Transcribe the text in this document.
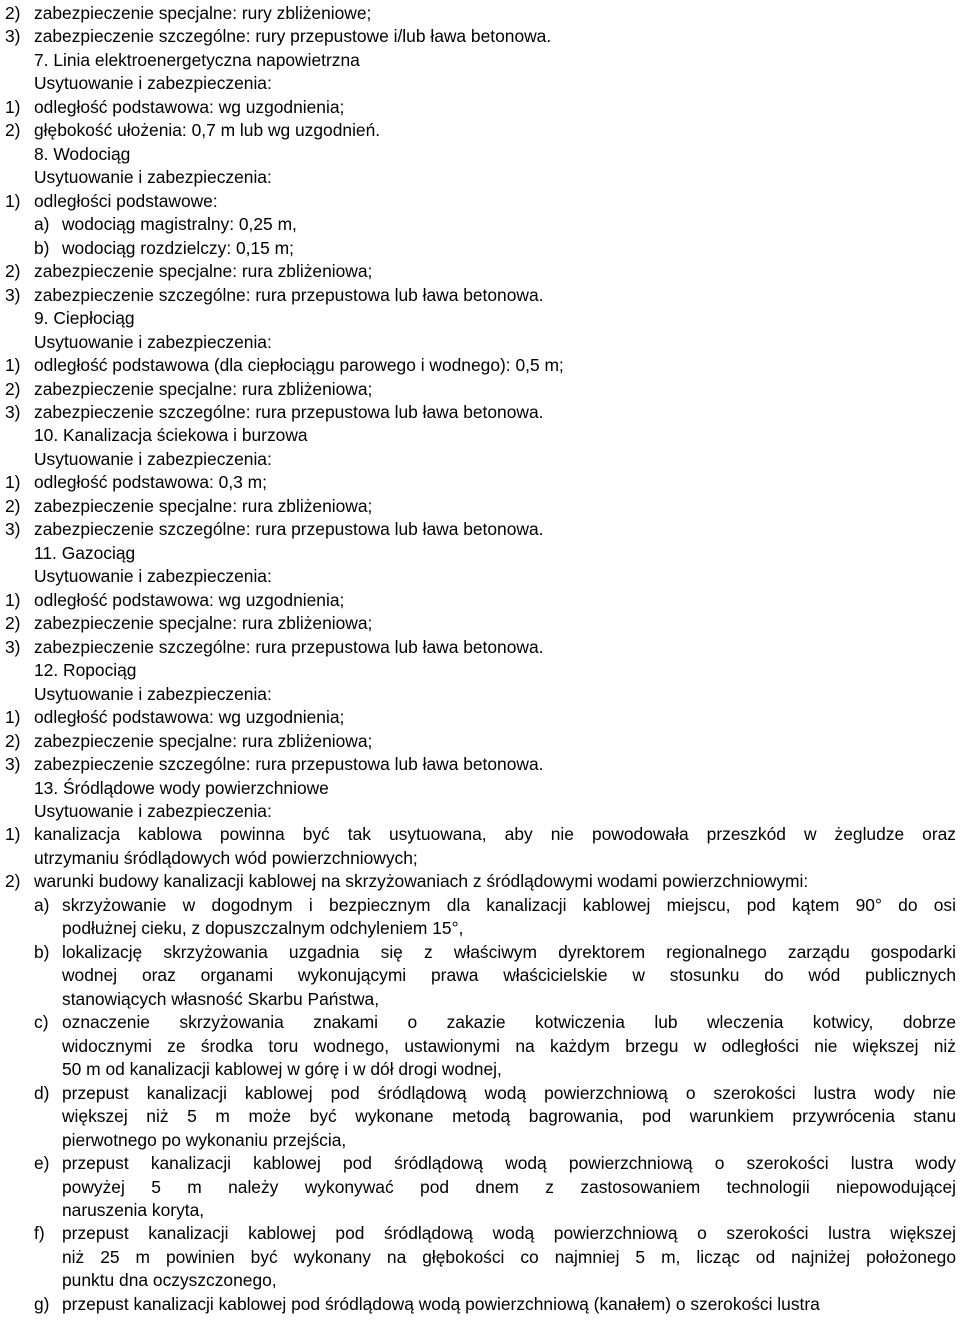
2) zabezpieczenie specjalne: rury zbliżeniowe;
3) zabezpieczenie szczególne: rury przepustowe i/lub ława betonowa.
7. Linia elektroenergetyczna napowietrzna
Usytuowanie i zabezpieczenia:
1) odległość podstawowa: wg uzgodnienia;
2) głębokość ułożenia: 0,7 m lub wg uzgodnień.
8. Wodociąg
Usytuowanie i zabezpieczenia:
1) odległości podstawowe:
a) wodociąg magistralny: 0,25 m,
b) wodociąg rozdzielczy: 0,15 m;
2) zabezpieczenie specjalne: rura zbliżeniowa;
3) zabezpieczenie szczególne: rura przepustowa lub ława betonowa.
9. Ciepłociąg
Usytuowanie i zabezpieczenia:
1) odległość podstawowa (dla ciepłociągu parowego i wodnego): 0,5 m;
2) zabezpieczenie specjalne: rura zbliżeniowa;
3) zabezpieczenie szczególne: rura przepustowa lub ława betonowa.
10. Kanalizacja ściekowa i burzowa
Usytuowanie i zabezpieczenia:
1) odległość podstawowa: 0,3 m;
2) zabezpieczenie specjalne: rura zbliżeniowa;
3) zabezpieczenie szczególne: rura przepustowa lub ława betonowa.
11. Gazociąg
Usytuowanie i zabezpieczenia:
1) odległość podstawowa: wg uzgodnienia;
2) zabezpieczenie specjalne: rura zbliżeniowa;
3) zabezpieczenie szczególne: rura przepustowa lub ława betonowa.
12. Ropociąg
Usytuowanie i zabezpieczenia:
1) odległość podstawowa: wg uzgodnienia;
2) zabezpieczenie specjalne: rura zbliżeniowa;
3) zabezpieczenie szczególne: rura przepustowa lub ława betonowa.
13. Śródlądowe wody powierzchniowe
Usytuowanie i zabezpieczenia:
1) kanalizacja kablowa powinna być tak usytuowana, aby nie powodowała przeszkód w żegludze oraz
utrzymaniu śródlądowych wód powierzchniowych;
2) warunki budowy kanalizacji kablowej na skrzyżowaniach z śródlądowymi wodami powierzchniowymi:
a) skrzyżowanie w dogodnym i bezpiecznym dla kanalizacji kablowej miejscu, pod kątem 90° do osi
podłużnej cieku, z dopuszczalnym odchyleniem 15°,
b) lokalizację skrzyżowania uzgadnia się z właściwym dyrektorem regionalnego zarządu gospodarki
wodnej oraz organami wykonującymi prawa właścicielskie w stosunku do wód publicznych
stanowiących własność Skarbu Państwa,
c) oznaczenie skrzyżowania znakami o zakazie kotwiczenia lub wleczenia kotwicy, dobrze
widocznymi ze środka toru wodnego, ustawionymi na każdym brzegu w odległości nie większej niż
50 m od kanalizacji kablowej w górę i w dół drogi wodnej,
d) przepust kanalizacji kablowej pod śródlądową wodą powierzchniową o szerokości lustra wody nie
większej niż 5 m może być wykonane metodą bagrowania, pod warunkiem przywrócenia stanu
pierwotnego po wykonaniu przejścia,
e) przepust kanalizacji kablowej pod śródlądową wodą powierzchniową o szerokości lustra wody
powyżej 5 m należy wykonywać pod dnem z zastosowaniem technologii niepowodującej
naruszenia koryta,
f) przepust kanalizacji kablowej pod śródlądową wodą powierzchniową o szerokości lustra większej
niż 25 m powinien być wykonany na głębokości co najmniej 5 m, licząc od najniżej położonego
punktu dna oczyszczonego,
g) przepust kanalizacji kablowej pod śródlądową wodą powierzchniową (kanałem) o szerokości lustra
